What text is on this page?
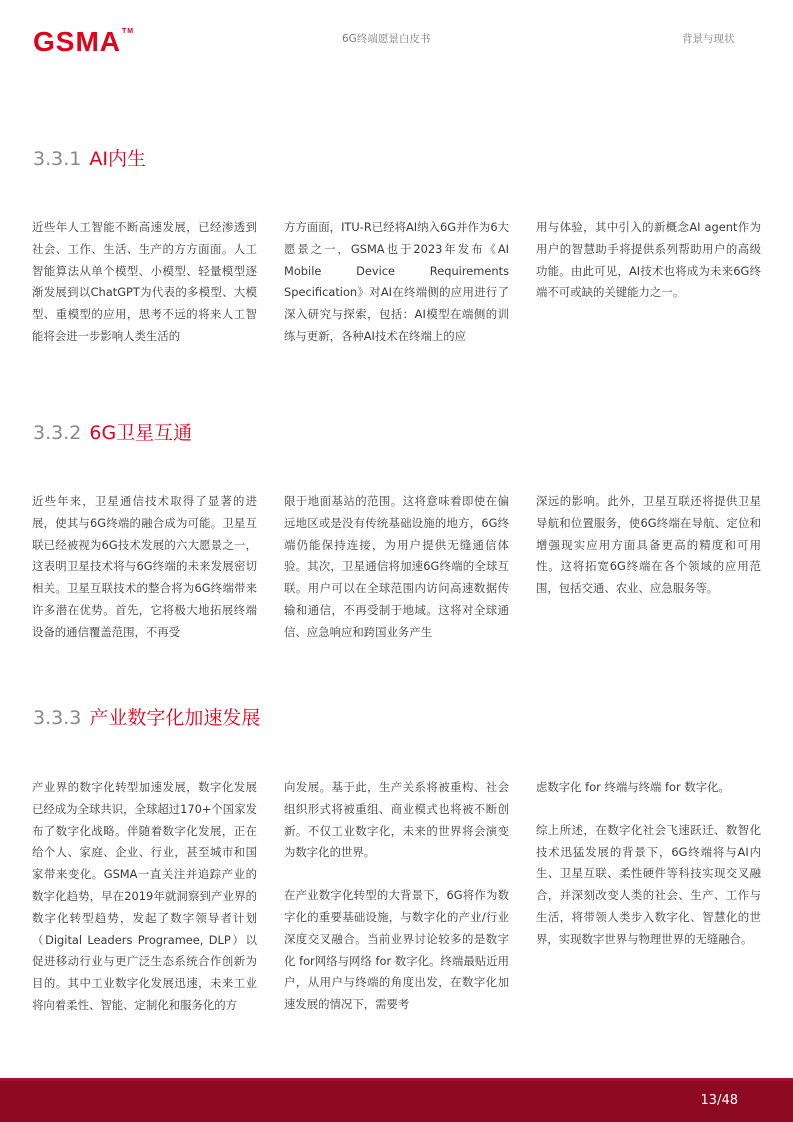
GSMA™
6G终端愿景白皮书	背景与现状
3.3.1 AI内生

近些年人工智能不断高速发展，已经渗透到社会、工作、生活、生产的方方面面。人工智能算法从单个模型、小模型、轻量模型逐渐发展到以ChatGPT为代表的多模型、大模型、重模型的应用，思考不远的将来人工智能将会进一步影响人类生活的

方方面面，ITU-R已经将AI纳入6G并作为6大愿景之一，GSMA也于2023年发布《AI Mobile Device Requirements Specification》对AI在终端侧的应用进行了深入研究与探索，包括：AI模型在端侧的训练与更新，各种AI技术在终端上的应

用与体验，其中引入的新概念AI agent作为用户的智慧助手将提供系列帮助用户的高级功能。由此可见，AI技术也将成为未来6G终端不可或缺的关键能力之一。

3.3.2 6G卫星互通

近些年来，卫星通信技术取得了显著的进展，使其与6G终端的融合成为可能。卫星互联已经被视为6G技术发展的六大愿景之一，这表明卫星技术将与6G终端的未来发展密切相关。卫星互联技术的整合将为6G终端带来许多潜在优势。首先，它将极大地拓展终端设备的通信覆盖范围，不再受

限于地面基站的范围。这将意味着即使在偏远地区或是没有传统基础设施的地方，6G终端仍能保持连接，为用户提供无缝通信体验。其次，卫星通信将加速6G终端的全球互联。用户可以在全球范围内访问高速数据传输和通信，不再受制于地域。这将对全球通信、应急响应和跨国业务产生

深远的影响。此外，卫星互联还将提供卫星导航和位置服务，使6G终端在导航、定位和增强现实应用方面具备更高的精度和可用性。这将拓宽6G终端在各个领域的应用范围，包括交通、农业、应急服务等。

3.3.3 产业数字化加速发展

产业界的数字化转型加速发展，数字化发展已经成为全球共识，全球超过170+个国家发布了数字化战略。伴随着数字化发展，正在给个人、家庭、企业、行业，甚至城市和国家带来变化。GSMA一直关注并追踪产业的数字化趋势，早在2019年就洞察到产业界的数字化转型趋势，发起了数字领导者计划（Digital Leaders Programee, DLP）以促进移动行业与更广泛生态系统合作创新为目的。其中工业数字化发展迅速，未来工业将向着柔性、智能、定制化和服务化的方

向发展。基于此，生产关系将被重构、社会组织形式将被重组、商业模式也将被不断创新。不仅工业数字化，未来的世界将会演变为数字化的世界。

在产业数字化转型的大背景下，6G将作为数字化的重要基础设施，与数字化的产业/行业深度交叉融合。当前业界讨论较多的是数字化 for网络与网络 for 数字化。终端最贴近用户，从用户与终端的角度出发，在数字化加速发展的情况下，需要考

虑数字化 for 终端与终端 for 数字化。

综上所述，在数字化社会飞速跃迁、数智化技术迅猛发展的背景下，6G终端将与AI内生、卫星互联、柔性硬件等科技实现交叉融合，并深刻改变人类的社会、生产、工作与生活，将带领人类步入数字化、智慧化的世界，实现数字世界与物理世界的无缝融合。

13/48
